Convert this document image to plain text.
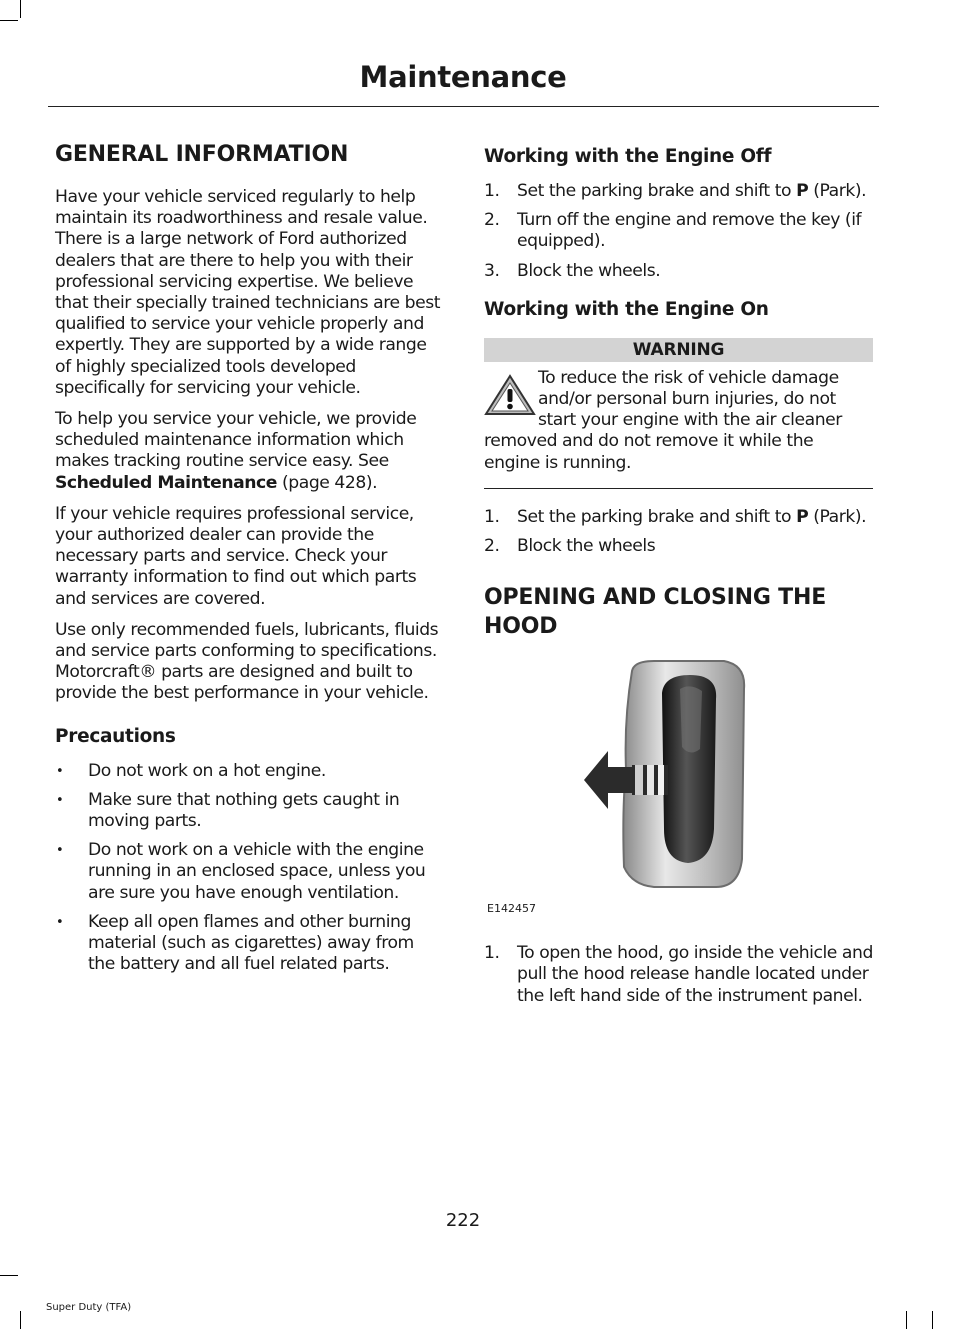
Maintenance
GENERAL INFORMATION

Have your vehicle serviced regularly to help maintain its roadworthiness and resale value. There is a large network of Ford authorized dealers that are there to help you with their professional servicing expertise. We believe that their specially trained technicians are best qualified to service your vehicle properly and expertly. They are supported by a wide range of highly specialized tools developed specifically for servicing your vehicle.

To help you service your vehicle, we provide scheduled maintenance information which makes tracking routine service easy. See Scheduled Maintenance (page 428).

If your vehicle requires professional service, your authorized dealer can provide the necessary parts and service. Check your warranty information to find out which parts and services are covered.

Use only recommended fuels, lubricants, fluids and service parts conforming to specifications. Motorcraft® parts are designed and built to provide the best performance in your vehicle.

Precautions
• Do not work on a hot engine.
• Make sure that nothing gets caught in moving parts.
• Do not work on a vehicle with the engine running in an enclosed space, unless you are sure you have enough ventilation.
• Keep all open flames and other burning material (such as cigarettes) away from the battery and all fuel related parts.
Working with the Engine Off
1. Set the parking brake and shift to P (Park).
2. Turn off the engine and remove the key (if equipped).
3. Block the wheels.
Working with the Engine On
WARNING

To reduce the risk of vehicle damage and/or personal burn injuries, do not start your engine with the air cleaner removed and do not remove it while the engine is running.

1. Set the parking brake and shift to P (Park).
2. Block the wheels
OPENING AND CLOSING THE HOOD
E142457
1. To open the hood, go inside the vehicle and pull the hood release handle located under the left hand side of the instrument panel.
222
Super Duty (TFA)
